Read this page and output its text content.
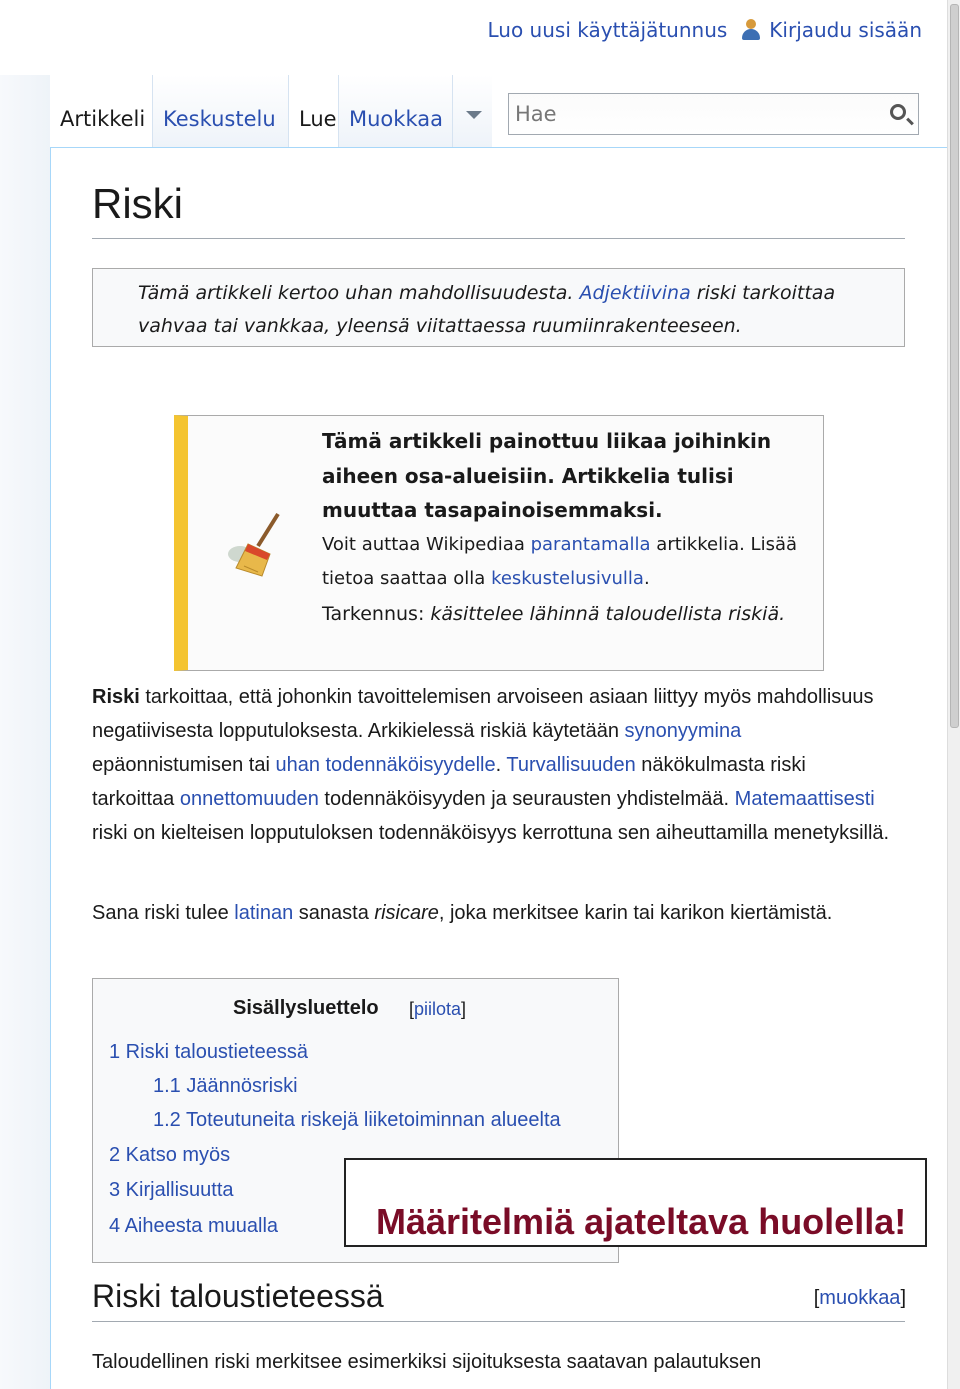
Luo uusi käyttäjätunnus Kirjaudu sisään
Artikkeli Keskustelu	Lue Muokkaa
Hae
Riski
Tämä artikkeli kertoo uhan mahdollisuudesta. Adjektiivina riski tarkoittaa vahvaa tai vankkaa, yleensä viitattaessa ruumiinrakenteeseen.
Tämä artikkeli painottuu liikaa joihinkin aiheen osa-alueisiin. Artikkelia tulisi muuttaa tasapainoisemmaksi.
Voit auttaa Wikipediaa parantamalla artikkelia. Lisää tietoa saattaa olla keskustelusivulla.
Tarkennus: käsittelee lähinnä taloudellista riskiä.
Riski tarkoittaa, että johonkin tavoittelemisen arvoiseen asiaan liittyy myös mahdollisuus negatiivisesta lopputuloksesta. Arkikielessä riskiä käytetään synonyymina epäonnistumisen tai uhan todennäköisyydelle. Turvallisuuden näkökulmasta riski tarkoittaa onnettomuuden todennäköisyyden ja seurausten yhdistelmää. Matemaattisesti riski on kielteisen lopputuloksen todennäköisyys kerrottuna sen aiheuttamilla menetyksillä.
Sana riski tulee latinan sanasta risicare, joka merkitsee karin tai karikon kiertämistä.
Sisällysluettelo [piilota]
1 Riski taloustieteessä
1.1 Jäännösriski
1.2 Toteutuneita riskejä liiketoiminnan alueelta
2 Katso myös
3 Kirjallisuutta
4 Aiheesta muualla	Määritelmiä ajateltava huolella!
Riski taloustieteessä	[muokkaa]
Taloudellinen riski merkitsee esimerkiksi sijoituksesta saatavan palautuksen
